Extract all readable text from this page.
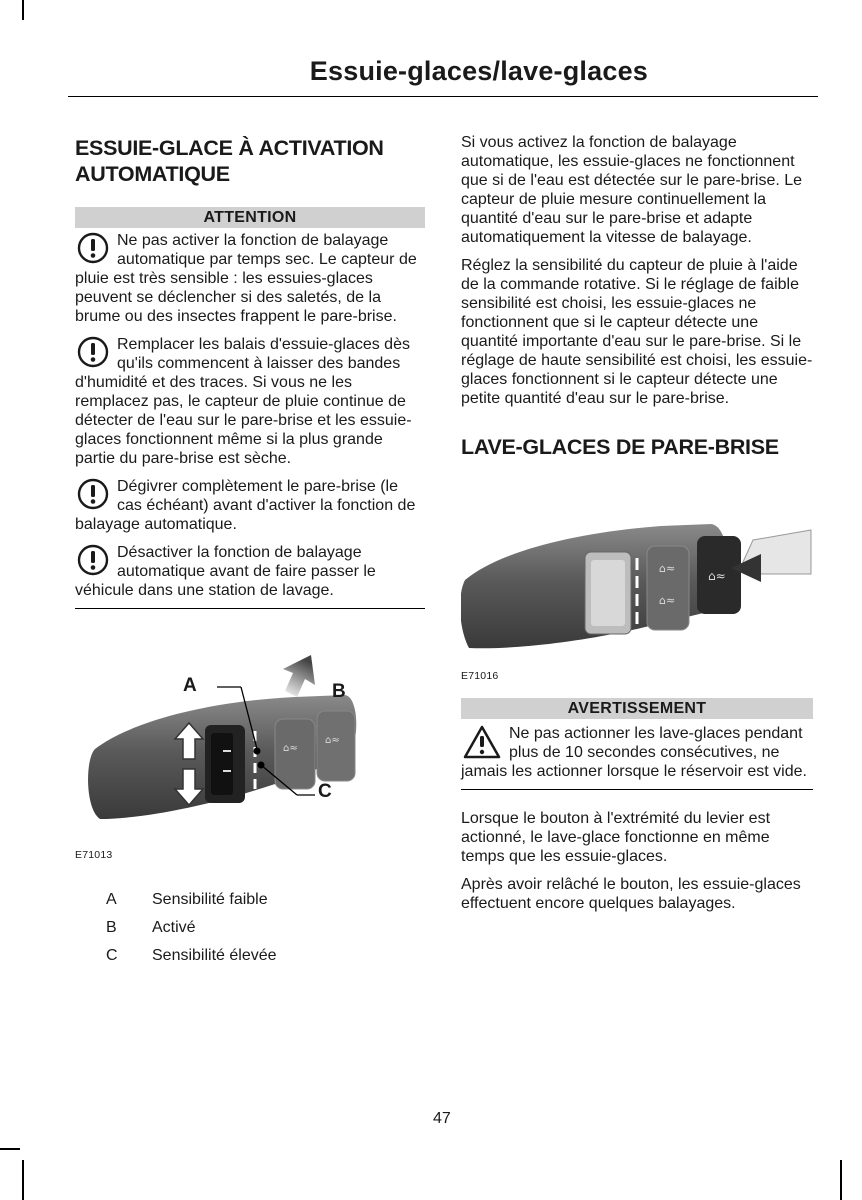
Essuie-glaces/lave-glaces
ESSUIE-GLACE À ACTIVATION AUTOMATIQUE
ATTENTION
Ne pas activer la fonction de balayage automatique par temps sec. Le capteur de pluie est très sensible : les essuies-glaces peuvent se déclencher si des saletés, de la brume ou des insectes frappent le pare-brise.
Remplacer les balais d'essuie-glaces dès qu'ils commencent à laisser des bandes d'humidité et des traces. Si vous ne les remplacez pas, le capteur de pluie continue de détecter de l'eau sur le pare-brise et les essuie-glaces fonctionnent même si la plus grande partie du pare-brise est sèche.
Dégivrer complètement le pare-brise (le cas échéant) avant d'activer la fonction de balayage automatique.
Désactiver la fonction de balayage automatique avant de faire passer le véhicule dans une station de lavage.
⌂≈
⌂≈
A	B
C
E71013
A Sensibilité faible
B Activé
C Sensibilité élevée

Si vous activez la fonction de balayage automatique, les essuie-glaces ne fonctionnent que si de l'eau est détectée sur le pare-brise. Le capteur de pluie mesure continuellement la quantité d'eau sur le pare-brise et adapte automatiquement la vitesse de balayage.

Réglez la sensibilité du capteur de pluie à l'aide de la commande rotative. Si le réglage de faible sensibilité est choisi, les essuie-glaces ne fonctionnent que si le capteur détecte une quantité importante d'eau sur le pare-brise. Si le réglage de haute sensibilité est choisi, les essuie-glaces fonctionnent si le capteur détecte une petite quantité d'eau sur le pare-brise.

LAVE-GLACES DE PARE-BRISE
⌂≈
⌂≈
⌂≈
E71016
AVERTISSEMENT
Ne pas actionner les lave-glaces pendant plus de 10 secondes consécutives, ne jamais les actionner lorsque le réservoir est vide.

Lorsque le bouton à l'extrémité du levier est actionné, le lave-glace fonctionne en même temps que les essuie-glaces.

Après avoir relâché le bouton, les essuie-glaces effectuent encore quelques balayages.

47
